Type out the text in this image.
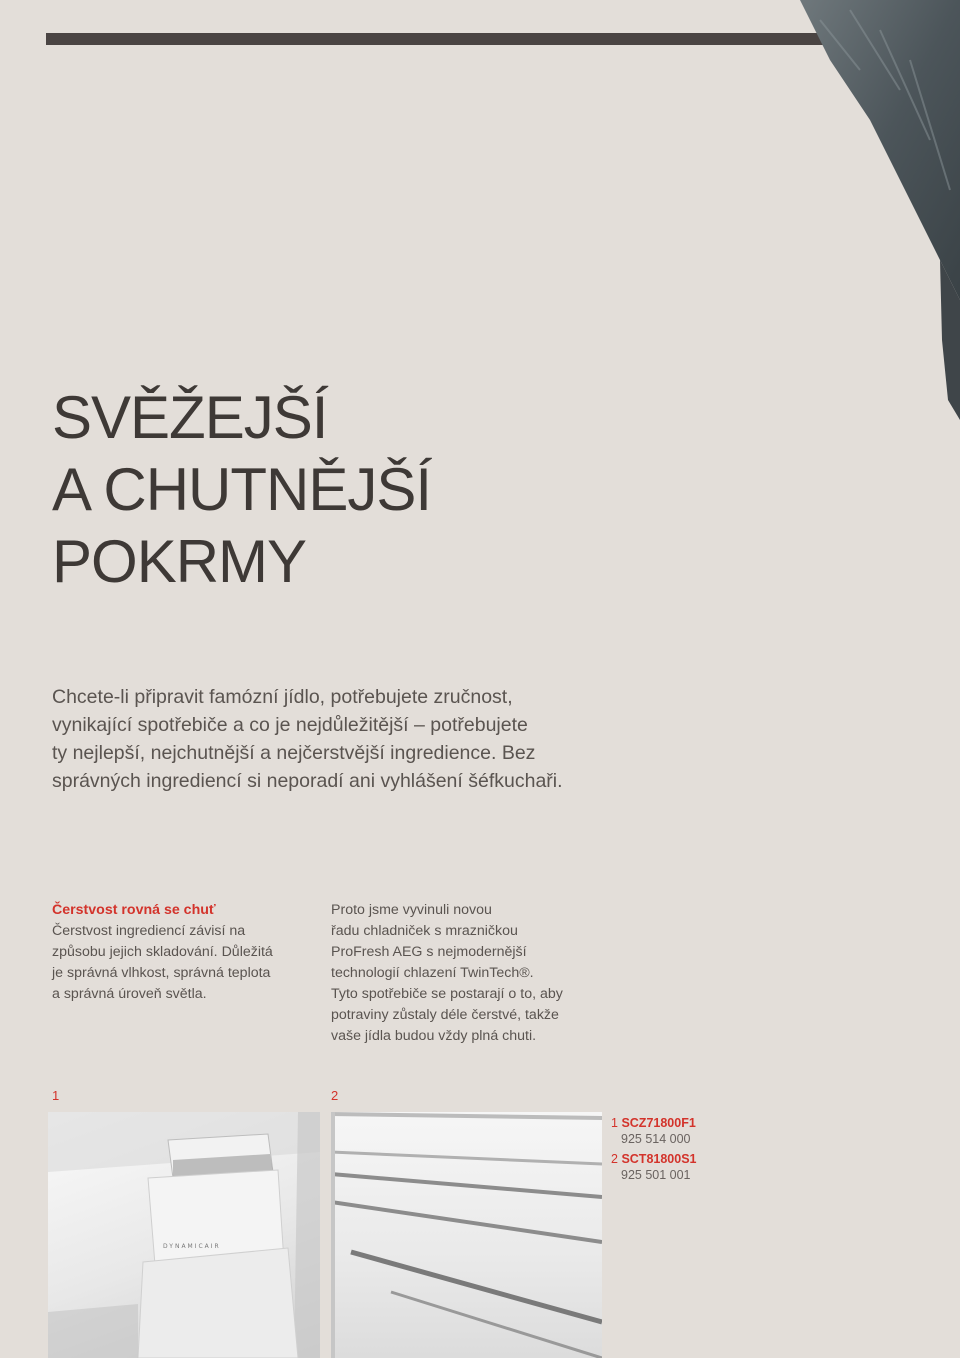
SVĚŽEJŠÍ
A CHUTNĚJŠÍ
POKRMY

Chcete-li připravit famózní jídlo, potřebujete zručnost,
vynikající spotřebiče a co je nejdůležitější – potřebujete
ty nejlepší, nejchutnější a nejčerstvější ingredience. Bez
správných ingrediencí si neporadí ani vyhlášení šéfkuchaři.

Čerstvost rovná se chuť
Čerstvost ingrediencí závisí na
způsobu jejich skladování. Důležitá
je správná vlhkost, správná teplota
a správná úroveň světla.
Proto jsme vyvinuli novou
řadu chladniček s mrazničkou
ProFresh AEG s nejmodernější
technologií chlazení TwinTech®.
Tyto spotřebiče se postarají o to, aby
potraviny zůstaly déle čerstvé, takže
vaše jídla budou vždy plná chuti.
1	2
DYNAMICAIR
1 SCZ71800F1
925 514 000
2 SCT81800S1
925 501 001
